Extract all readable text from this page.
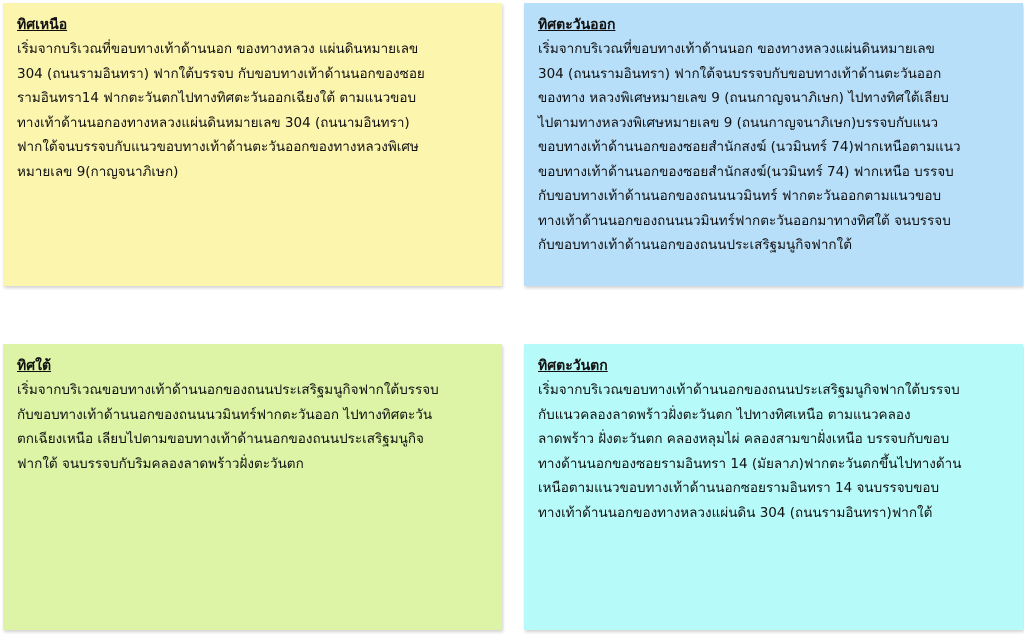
ทิศเหนือ
เริ่มจากบริเวณที่ขอบทางเท้าด้านนอก ของทางหลวง แผ่นดินหมายเลข
304 (ถนนรามอินทรา) ฟากใต้บรรจบ กับขอบทางเท้าด้านนอกของซอย
รามอินทรา14 ฟากตะวันตกไปทางทิศตะวันออกเฉียงใต้ ตามแนวขอบ
ทางเท้าด้านนอกองทางหลวงแผ่นดินหมายเลข 304 (ถนนามอินทรา)
ฟากใต้จนบรรจบกับแนวขอบทางเท้าด้านตะวันออกของทางหลวงพิเศษ
หมายเลข 9(กาญจนาภิเษก)
ทิศตะวันออก
เริ่มจากบริเวณที่ขอบทางเท้าด้านนอก ของทางหลวงแผ่นดินหมายเลข
304 (ถนนรามอินทรา) ฟากใต้จนบรรจบกับขอบทางเท้าด้านตะวันออก
ของทาง หลวงพิเศษหมายเลข 9 (ถนนกาญจนาภิเษก) ไปทางทิศใต้เลียบ
ไปตามทางหลวงพิเศษหมายเลข 9 (ถนนกาญจนาภิเษก)บรรจบกับแนว
ขอบทางเท้าด้านนอกของซอยสำนักสงฆ์ (นวมินทร์ 74)ฟากเหนือตามแนว
ขอบทางเท้าด้านนอกของซอยสำนักสงฆ์(นวมินทร์ 74) ฟากเหนือ บรรจบ
กับขอบทางเท้าด้านนอกของถนนนวมินทร์ ฟากตะวันออกตามแนวขอบ
ทางเท้าด้านนอกของถนนนวมินทร์ฟากตะวันออกมาทางทิศใต้ จนบรรจบ
กับขอบทางเท้าด้านนอกของถนนประเสริฐมนูกิจฟากใต้
ทิศใต้
เริ่มจากบริเวณขอบทางเท้าด้านนอกของถนนประเสริฐมนูกิจฟากใต้บรรจบ
กับขอบทางเท้าด้านนอกของถนนนวมินทร์ฟากตะวันออก ไปทางทิศตะวัน
ตกเฉียงเหนือ เลียบไปตามขอบทางเท้าด้านนอกของถนนประเสริฐมนูกิจ
ฟากใต้ จนบรรจบกับริมคลองลาดพร้าวฝั่งตะวันตก
ทิศตะวันตก
เริ่มจากบริเวณขอบทางเท้าด้านนอกของถนนประเสริฐมนูกิจฟากใต้บรรจบ
กับแนวคลองลาดพร้าวฝั่งตะวันตก ไปทางทิศเหนือ ตามแนวคลอง
ลาดพร้าว ฝั่งตะวันตก คลองหลุมไผ่ คลองสามขาฝั่งเหนือ บรรจบกับขอบ
ทางด้านนอกของซอยรามอินทรา 14 (มัยลาภ)ฟากตะวันตกขึ้นไปทางด้าน
เหนือตามแนวขอบทางเท้าด้านนอกซอยรามอินทรา 14 จนบรรจบขอบ
ทางเท้าด้านนอกของทางหลวงแผ่นดิน 304 (ถนนรามอินทรา)ฟากใต้
